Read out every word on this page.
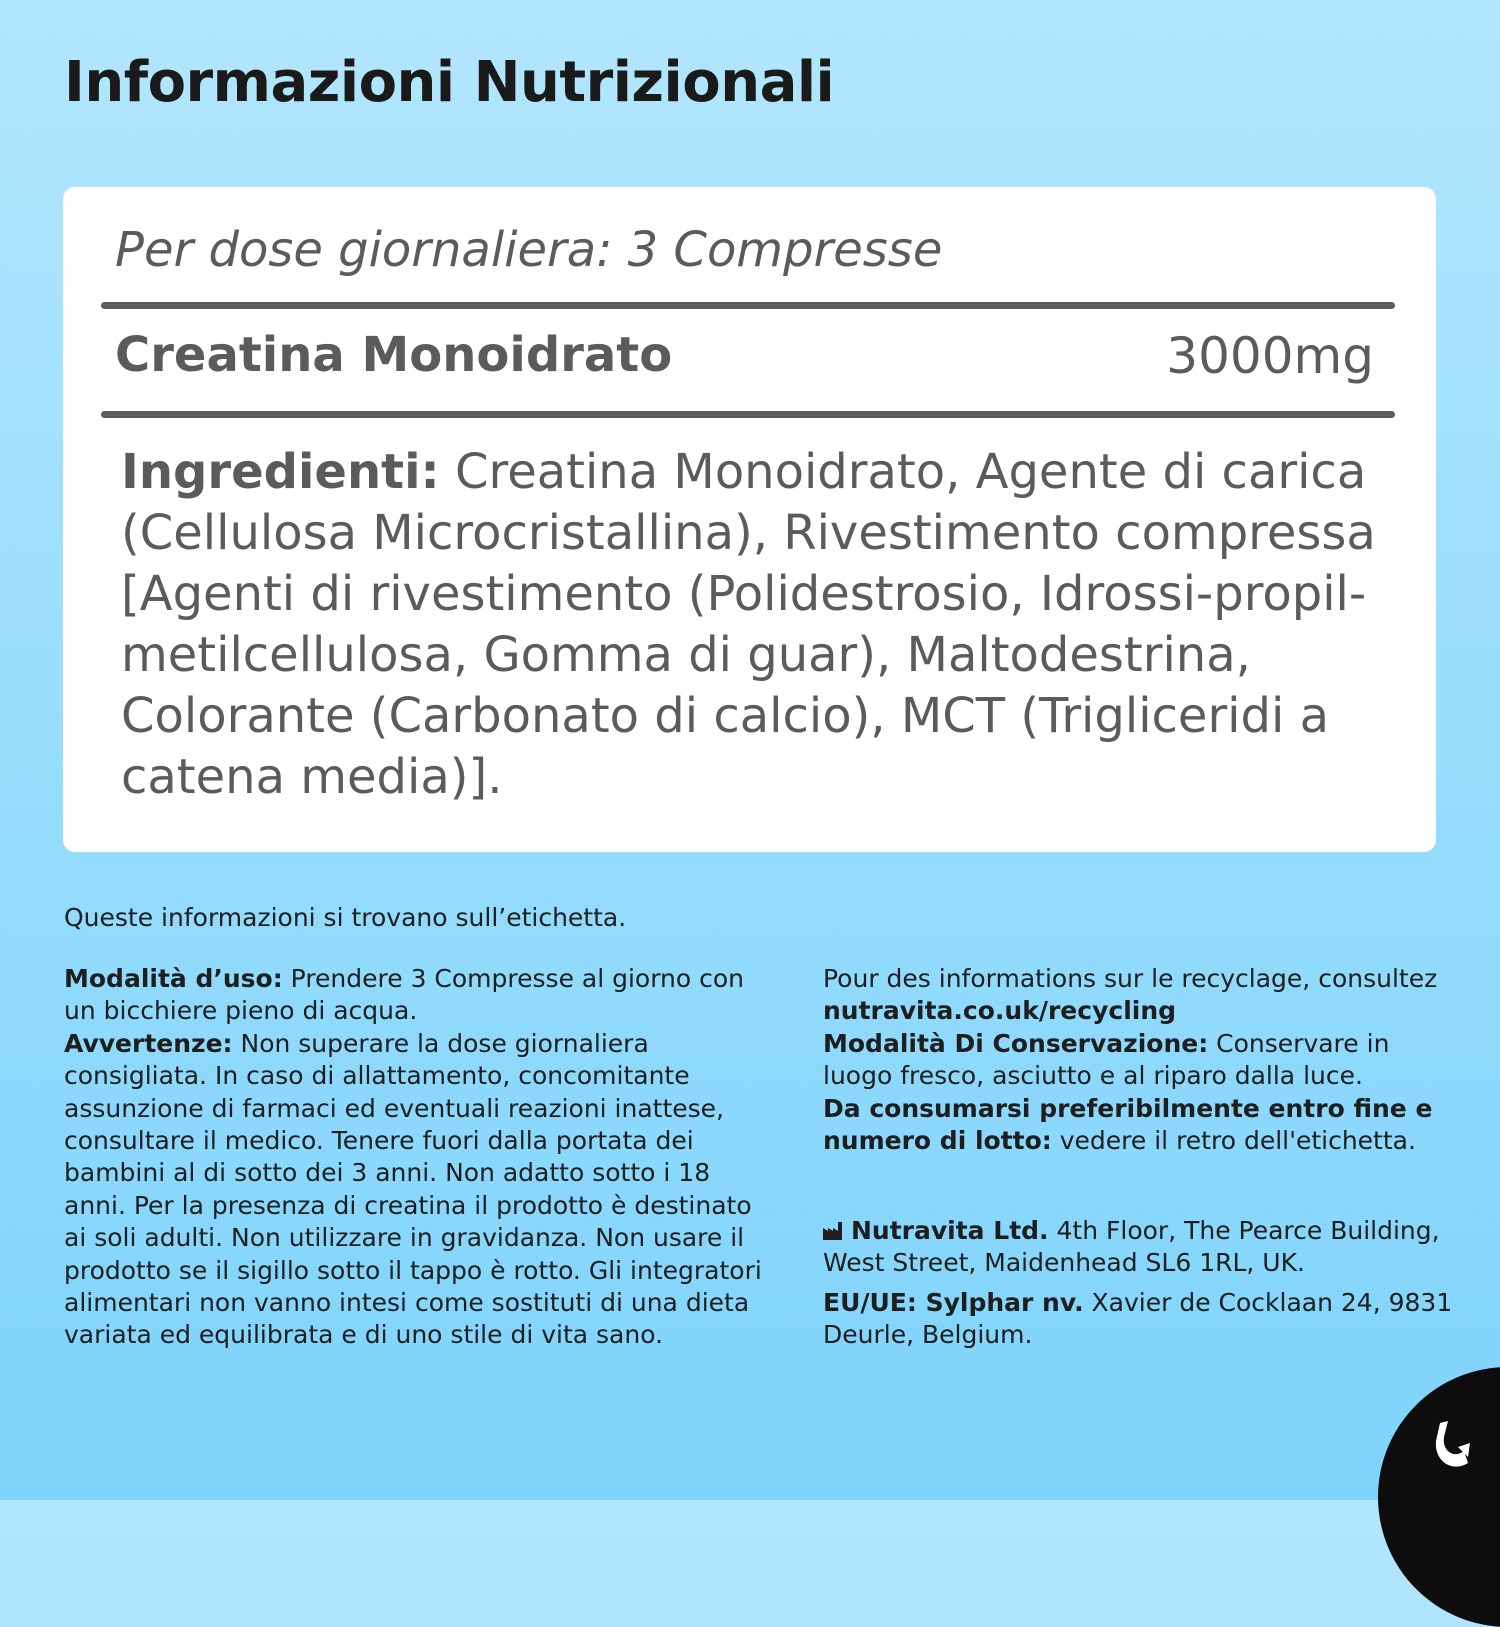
Informazioni Nutrizionali
Per dose giornaliera: 3 Compresse
Creatina Monoidrato	3000mg
Ingredienti: Creatina Monoidrato, Agente di carica (Cellulosa Microcristallina), Rivestimento compressa [Agenti di rivestimento (Polidestrosio, Idrossi-propil-metilcellulosa, Gomma di guar), Maltodestrina, Colorante (Carbonato di calcio), MCT (Trigliceridi a catena media)].
Queste informazioni si trovano sull’etichetta.
Modalità d’uso: Prendere 3 Compresse al giorno con un bicchiere pieno di acqua.
Avvertenze: Non superare la dose giornaliera consigliata. In caso di allattamento, concomitante assunzione di farmaci ed eventuali reazioni inattese, consultare il medico. Tenere fuori dalla portata dei bambini al di sotto dei 3 anni. Non adatto sotto i 18 anni. Per la presenza di creatina il prodotto è destinato ai soli adulti. Non utilizzare in gravidanza. Non usare il prodotto se il sigillo sotto il tappo è rotto. Gli integratori alimentari non vanno intesi come sostituti di una dieta variata ed equilibrata e di uno stile di vita sano.
Pour des informations sur le recyclage, consultez nutravita.co.uk/recycling
Modalità Di Conservazione: Conservare in luogo fresco, asciutto e al riparo dalla luce.
Da consumarsi preferibilmente entro fine e numero di lotto: vedere il retro dell'etichetta.
Nutravita Ltd. 4th Floor, The Pearce Building, West Street, Maidenhead SL6 1RL, UK.
EU/UE: Sylphar nv. Xavier de Cocklaan 24, 9831 Deurle, Belgium.
